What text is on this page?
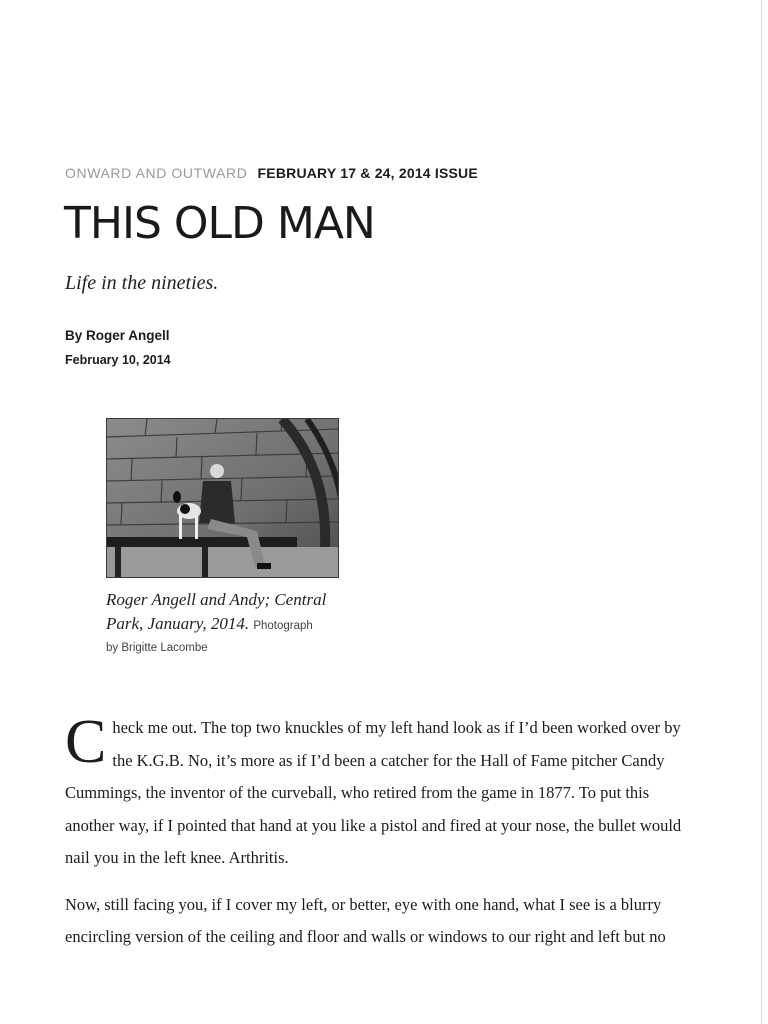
ONWARD AND OUTWARD FEBRUARY 17 & 24, 2014 ISSUE
THIS OLD MAN
Life in the nineties.
By Roger Angell
February 10, 2014
Roger Angell and Andy; Central Park, January, 2014. Photograph
by Brigitte Lacombe

C heck me out. The top two knuckles of my left hand look as if I’d been worked over by
the K.G.B. No, it’s more as if I’d been a catcher for the Hall of Fame pitcher Candy
Cummings, the inventor of the curveball, who retired from the game in 1877. To put this
another way, if I pointed that hand at you like a pistol and fired at your nose, the bullet would
nail you in the left knee. Arthritis.

Now, still facing you, if I cover my left, or better, eye with one hand, what I see is a blurry
encircling version of the ceiling and floor and walls or windows to our right and left but no
